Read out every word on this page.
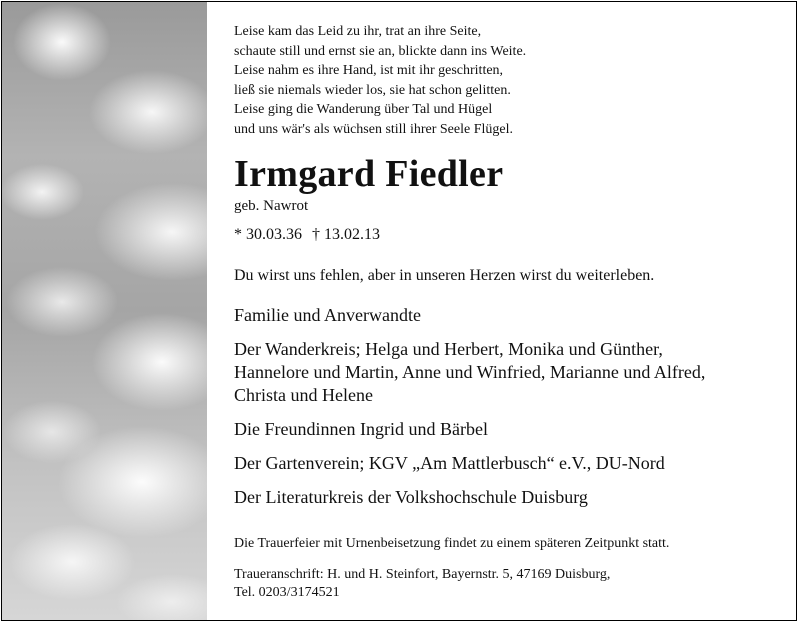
Leise kam das Leid zu ihr, trat an ihre Seite,
schaute still und ernst sie an, blickte dann ins Weite.
Leise nahm es ihre Hand, ist mit ihr geschritten,
ließ sie niemals wieder los, sie hat schon gelitten.
Leise ging die Wanderung über Tal und Hügel
und uns wär's als wüchsen still ihrer Seele Flügel.
Irmgard Fiedler
geb. Nawrot
* 30.03.36 † 13.02.13
Du wirst uns fehlen, aber in unseren Herzen wirst du weiterleben.
Familie und Anverwandte
Der Wanderkreis; Helga und Herbert, Monika und Günther,
Hannelore und Martin, Anne und Winfried, Marianne und Alfred,
Christa und Helene
Die Freundinnen Ingrid und Bärbel
Der Gartenverein; KGV „Am Mattlerbusch“ e.V., DU-Nord
Der Literaturkreis der Volkshochschule Duisburg
Die Trauerfeier mit Urnenbeisetzung findet zu einem späteren Zeitpunkt statt.
Traueranschrift: H. und H. Steinfort, Bayernstr. 5, 47169 Duisburg,
Tel. 0203/3174521
